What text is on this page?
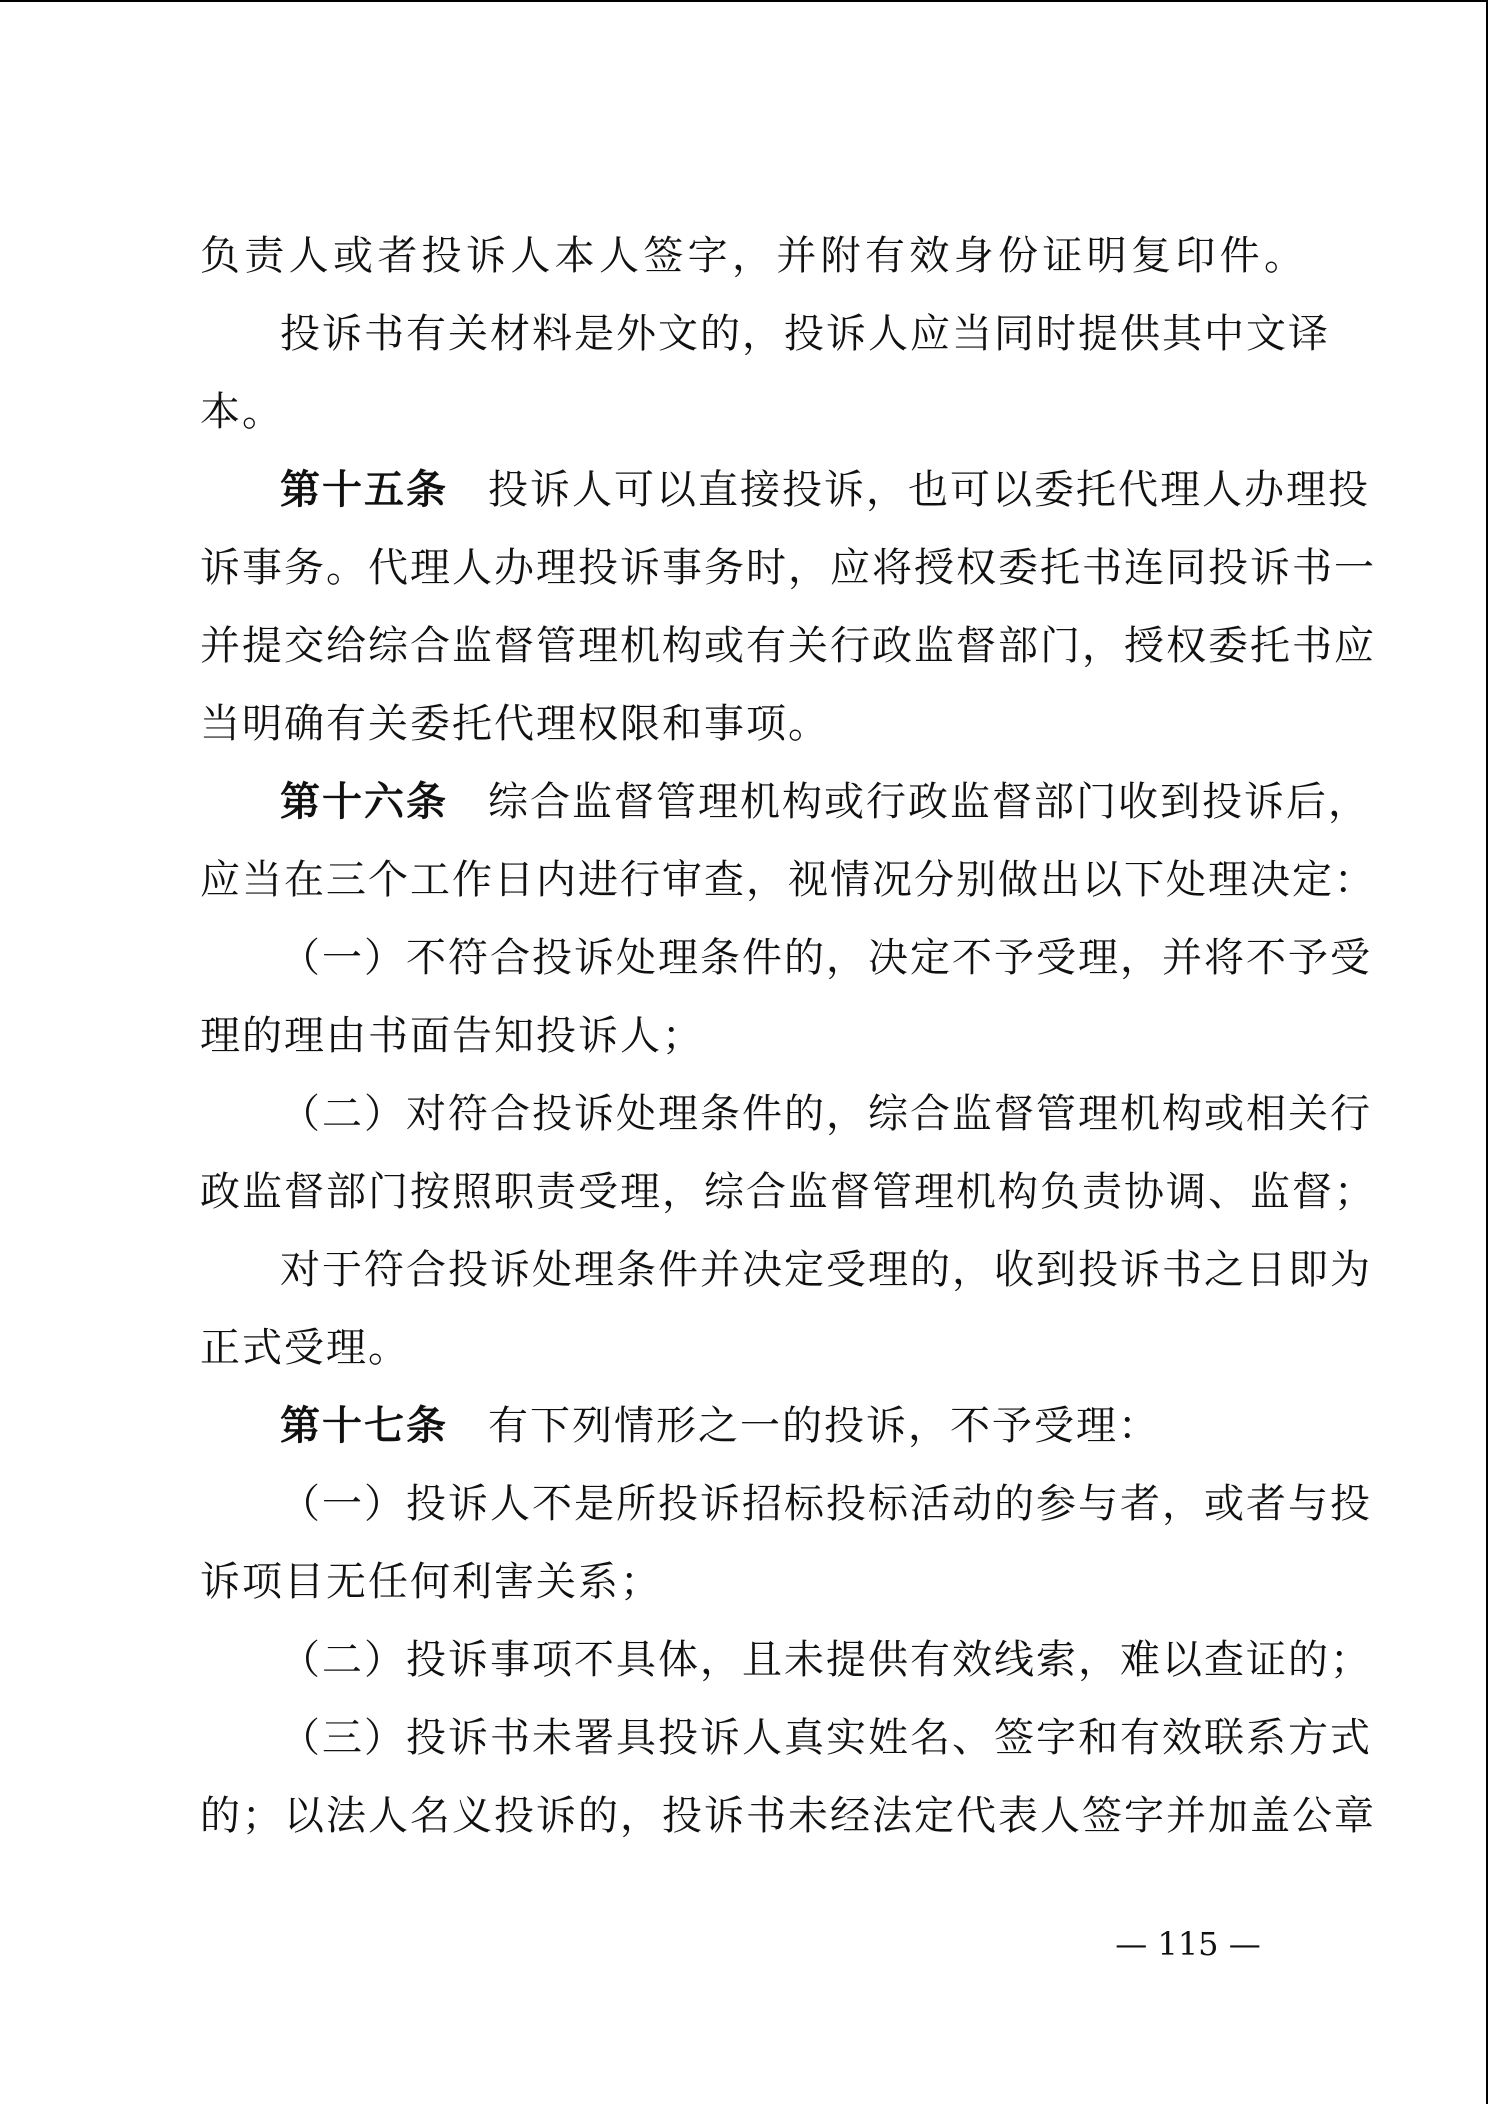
负责人或者投诉人本人签字，并附有效身份证明复印件。
投诉书有关材料是外文的，投诉人应当同时提供其中文译
本。
第十五条 投诉人可以直接投诉，也可以委托代理人办理投
诉事务。代理人办理投诉事务时，应将授权委托书连同投诉书一
并提交给综合监督管理机构或有关行政监督部门，授权委托书应
当明确有关委托代理权限和事项。
第十六条 综合监督管理机构或行政监督部门收到投诉后，
应当在三个工作日内进行审查，视情况分别做出以下处理决定：
（一）不符合投诉处理条件的，决定不予受理，并将不予受
理的理由书面告知投诉人；
（二）对符合投诉处理条件的，综合监督管理机构或相关行
政监督部门按照职责受理，综合监督管理机构负责协调、监督；
对于符合投诉处理条件并决定受理的，收到投诉书之日即为
正式受理。
第十七条 有下列情形之一的投诉，不予受理：
（一）投诉人不是所投诉招标投标活动的参与者，或者与投
诉项目无任何利害关系；
（二）投诉事项不具体，且未提供有效线索，难以查证的；
（三）投诉书未署具投诉人真实姓名、签字和有效联系方式
的；以法人名义投诉的，投诉书未经法定代表人签字并加盖公章
— 115 —
